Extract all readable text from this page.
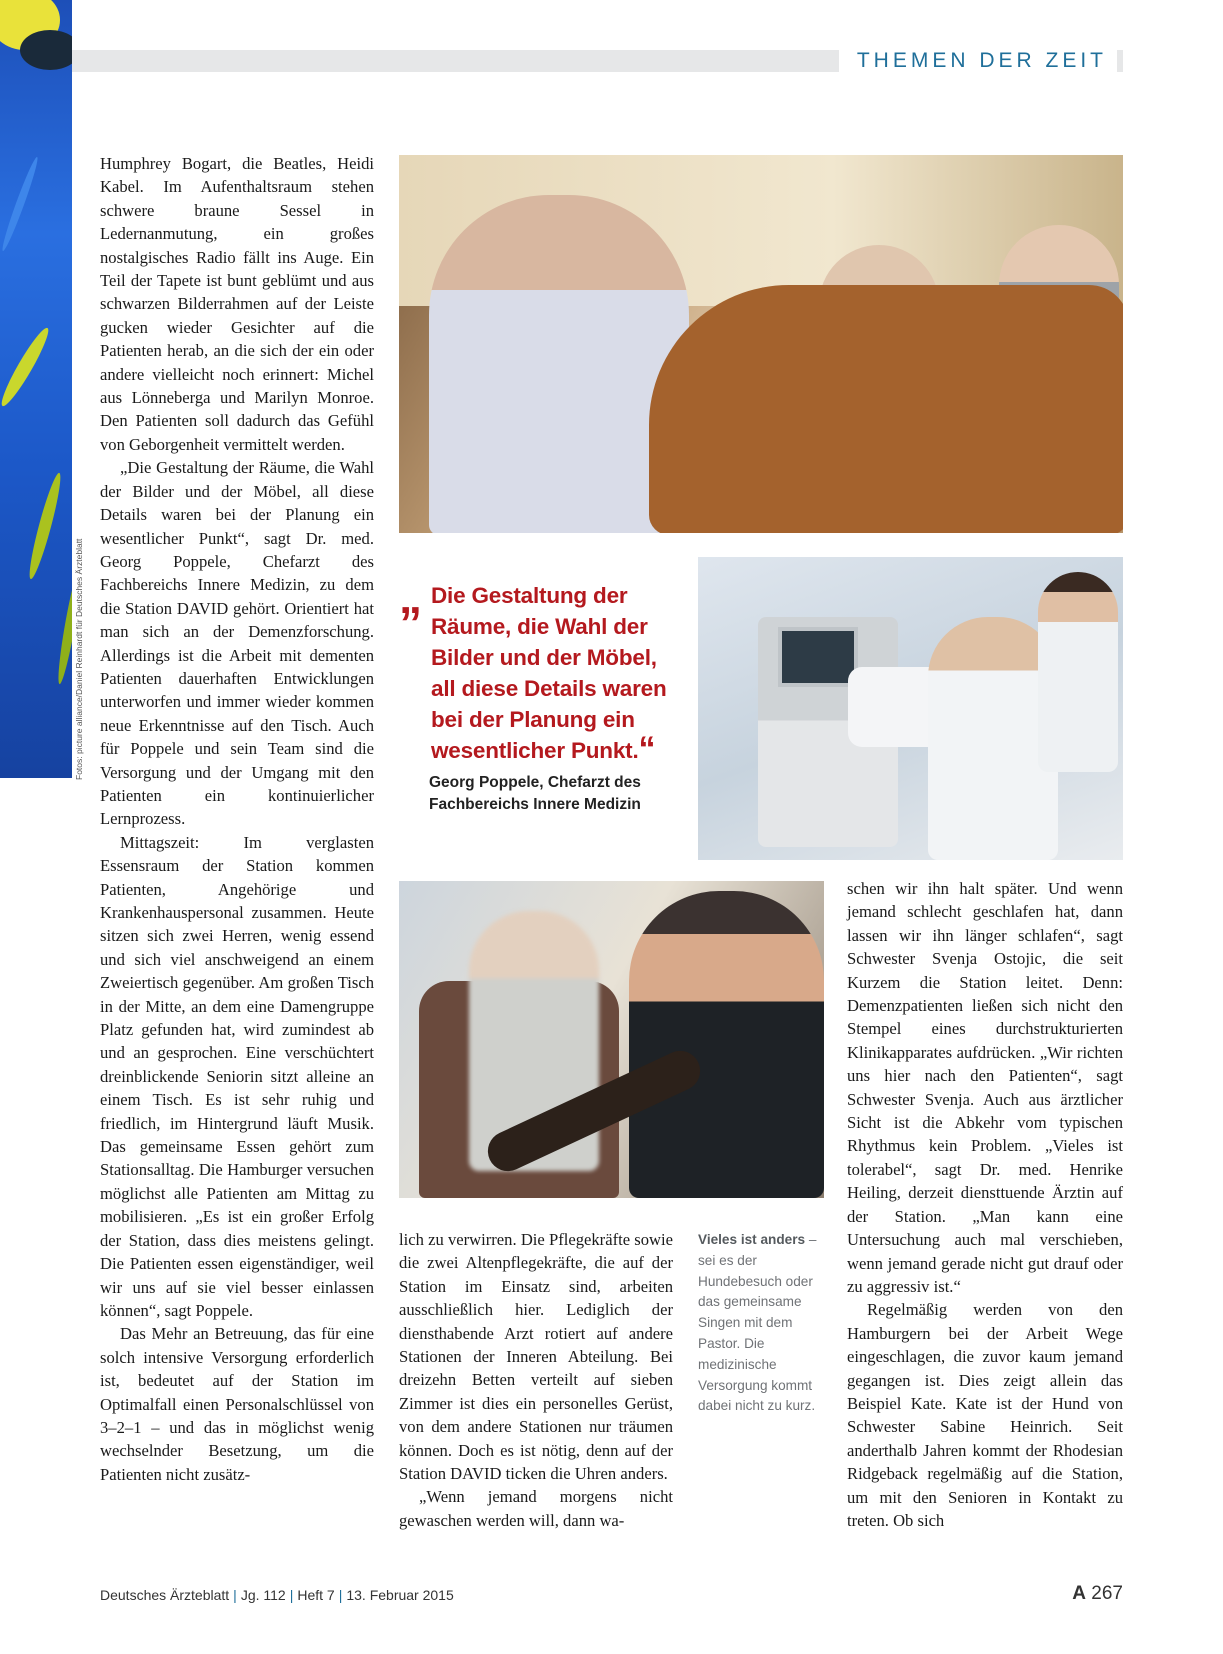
Fotos: picture alliance/Daniel Reinhardt für Deutsches Ärzteblatt
THEMEN DER ZEIT

Humphrey Bogart, die Beatles, Heidi Kabel. Im Aufenthaltsraum stehen schwere braune Sessel in Ledernanmutung, ein großes nostalgisches Radio fällt ins Auge. Ein Teil der Tapete ist bunt geblümt und aus schwarzen Bilderrahmen auf der Leiste gucken wieder Gesichter auf die Patienten herab, an die sich der ein oder andere vielleicht noch erinnert: Michel aus Lönneberga und Marilyn Monroe. Den Patienten soll dadurch das Gefühl von Geborgenheit vermittelt werden.

„Die Gestaltung der Räume, die Wahl der Bilder und der Möbel, all diese Details waren bei der Planung ein wesentlicher Punkt“, sagt Dr. med. Georg Poppele, Chefarzt des Fachbereichs Innere Medizin, zu dem die Station DAVID gehört. Orientiert hat man sich an der Demenzforschung. Allerdings ist die Arbeit mit dementen Patienten dauerhaften Entwicklungen unterworfen und immer wieder kommen neue Erkenntnisse auf den Tisch. Auch für Poppele und sein Team sind die Versorgung und der Umgang mit den Patienten ein kontinuierlicher Lernprozess.

Mittagszeit: Im verglasten Essensraum der Station kommen Patienten, Angehörige und Krankenhauspersonal zusammen. Heute sitzen sich zwei Herren, wenig essend und sich viel anschweigend an einem Zweiertisch gegenüber. Am großen Tisch in der Mitte, an dem eine Damengruppe Platz gefunden hat, wird zumindest ab und an gesprochen. Eine verschüchtert dreinblickende Seniorin sitzt alleine an einem Tisch. Es ist sehr ruhig und friedlich, im Hintergrund läuft Musik. Das gemeinsame Essen gehört zum Stationsalltag. Die Hamburger versuchen möglichst alle Patienten am Mittag zu mobilisieren. „Es ist ein großer Erfolg der Station, dass dies meistens gelingt. Die Patienten essen eigenständiger, weil wir uns auf sie viel besser einlassen können“, sagt Poppele.

Das Mehr an Betreuung, das für eine solch intensive Versorgung erforderlich ist, bedeutet auf der Station im Optimalfall einen Personalschlüssel von 3–2–1 – und das in möglichst wenig wechselnder Besetzung, um die Patienten nicht zusätz-

„ Die Gestaltung der Räume, die Wahl der Bilder und der Möbel, all diese Details waren bei der Planung ein wesentlicher Punkt.“
Georg Poppele, Chefarzt des Fachbereichs Innere Medizin

lich zu verwirren. Die Pflegekräfte sowie die zwei Altenpflegekräfte, die auf der Station im Einsatz sind, arbeiten ausschließlich hier. Lediglich der diensthabende Arzt rotiert auf andere Stationen der Inneren Abteilung. Bei dreizehn Betten verteilt auf sieben Zimmer ist dies ein personelles Gerüst, von dem andere Stationen nur träumen können. Doch es ist nötig, denn auf der Station DAVID ticken die Uhren anders.

„Wenn jemand morgens nicht gewaschen werden will, dann wa-

Vieles ist anders – sei es der Hundebesuch oder das gemeinsame Singen mit dem Pastor. Die medizinische Versorgung kommt dabei nicht zu kurz.

schen wir ihn halt später. Und wenn jemand schlecht geschlafen hat, dann lassen wir ihn länger schlafen“, sagt Schwester Svenja Ostojic, die seit Kurzem die Station leitet. Denn: Demenzpatienten ließen sich nicht den Stempel eines durchstrukturierten Klinikapparates aufdrücken. „Wir richten uns hier nach den Patienten“, sagt Schwester Svenja. Auch aus ärztlicher Sicht ist die Abkehr vom typischen Rhythmus kein Problem. „Vieles ist tolerabel“, sagt Dr. med. Henrike Heiling, derzeit diensttuende Ärztin auf der Station. „Man kann eine Untersuchung auch mal verschieben, wenn jemand gerade nicht gut drauf oder zu aggressiv ist.“

Regelmäßig werden von den Hamburgern bei der Arbeit Wege eingeschlagen, die zuvor kaum jemand gegangen ist. Dies zeigt allein das Beispiel Kate. Kate ist der Hund von Schwester Sabine Heinrich. Seit anderthalb Jahren kommt der Rhodesian Ridgeback regelmäßig auf die Station, um mit den Senioren in Kontakt zu treten. Ob sich

Deutsches Ärzteblatt | Jg. 112 | Heft 7 | 13. Februar 2015	A 267
